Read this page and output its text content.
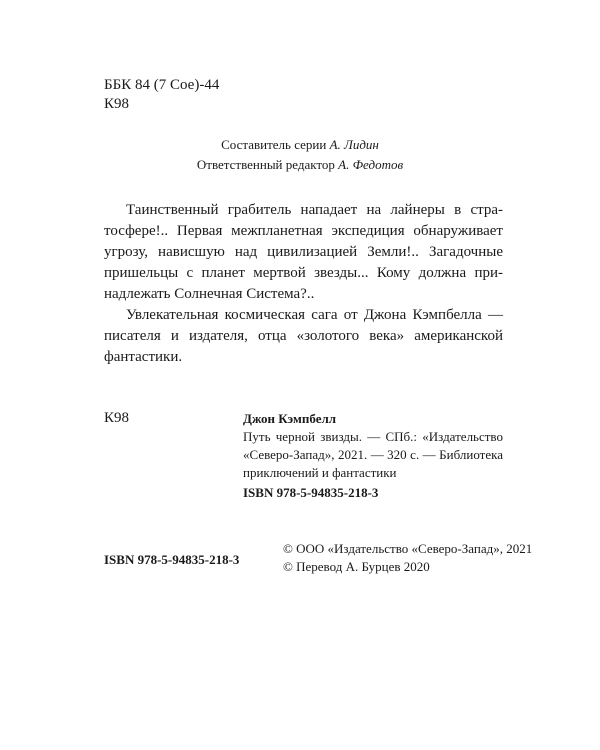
ББК 84 (7 Сое)-44

К98

Составитель серии А. Лидин

Ответственный редактор А. Федотов

Таинственный грабитель нападает на лайнеры в стра-
тосфере!.. Первая межпланетная экспедиция обнаруживает
угрозу, нависшую над цивилизацией Земли!.. Загадочные
пришельцы с планет мертвой звезды... Кому должна при-
надлежать Солнечная Система?..
Увлекательная космическая сага от Джона Кэмпбелла —
писателя и издателя, отца «золотого века» американской
фантастики.

К98	Джон Кэмпбелл
Путь черной звизды. — СПб.: «Издательство
«Северо-Запад», 2021. — 320 с. — Библиотека
приключений и фантастики
ISBN 978-5-94835-218-3

ISBN 978-5-94835-218-3

© ООО «Издательство «Северо-Запад», 2021
© Перевод А. Бурцев 2020
